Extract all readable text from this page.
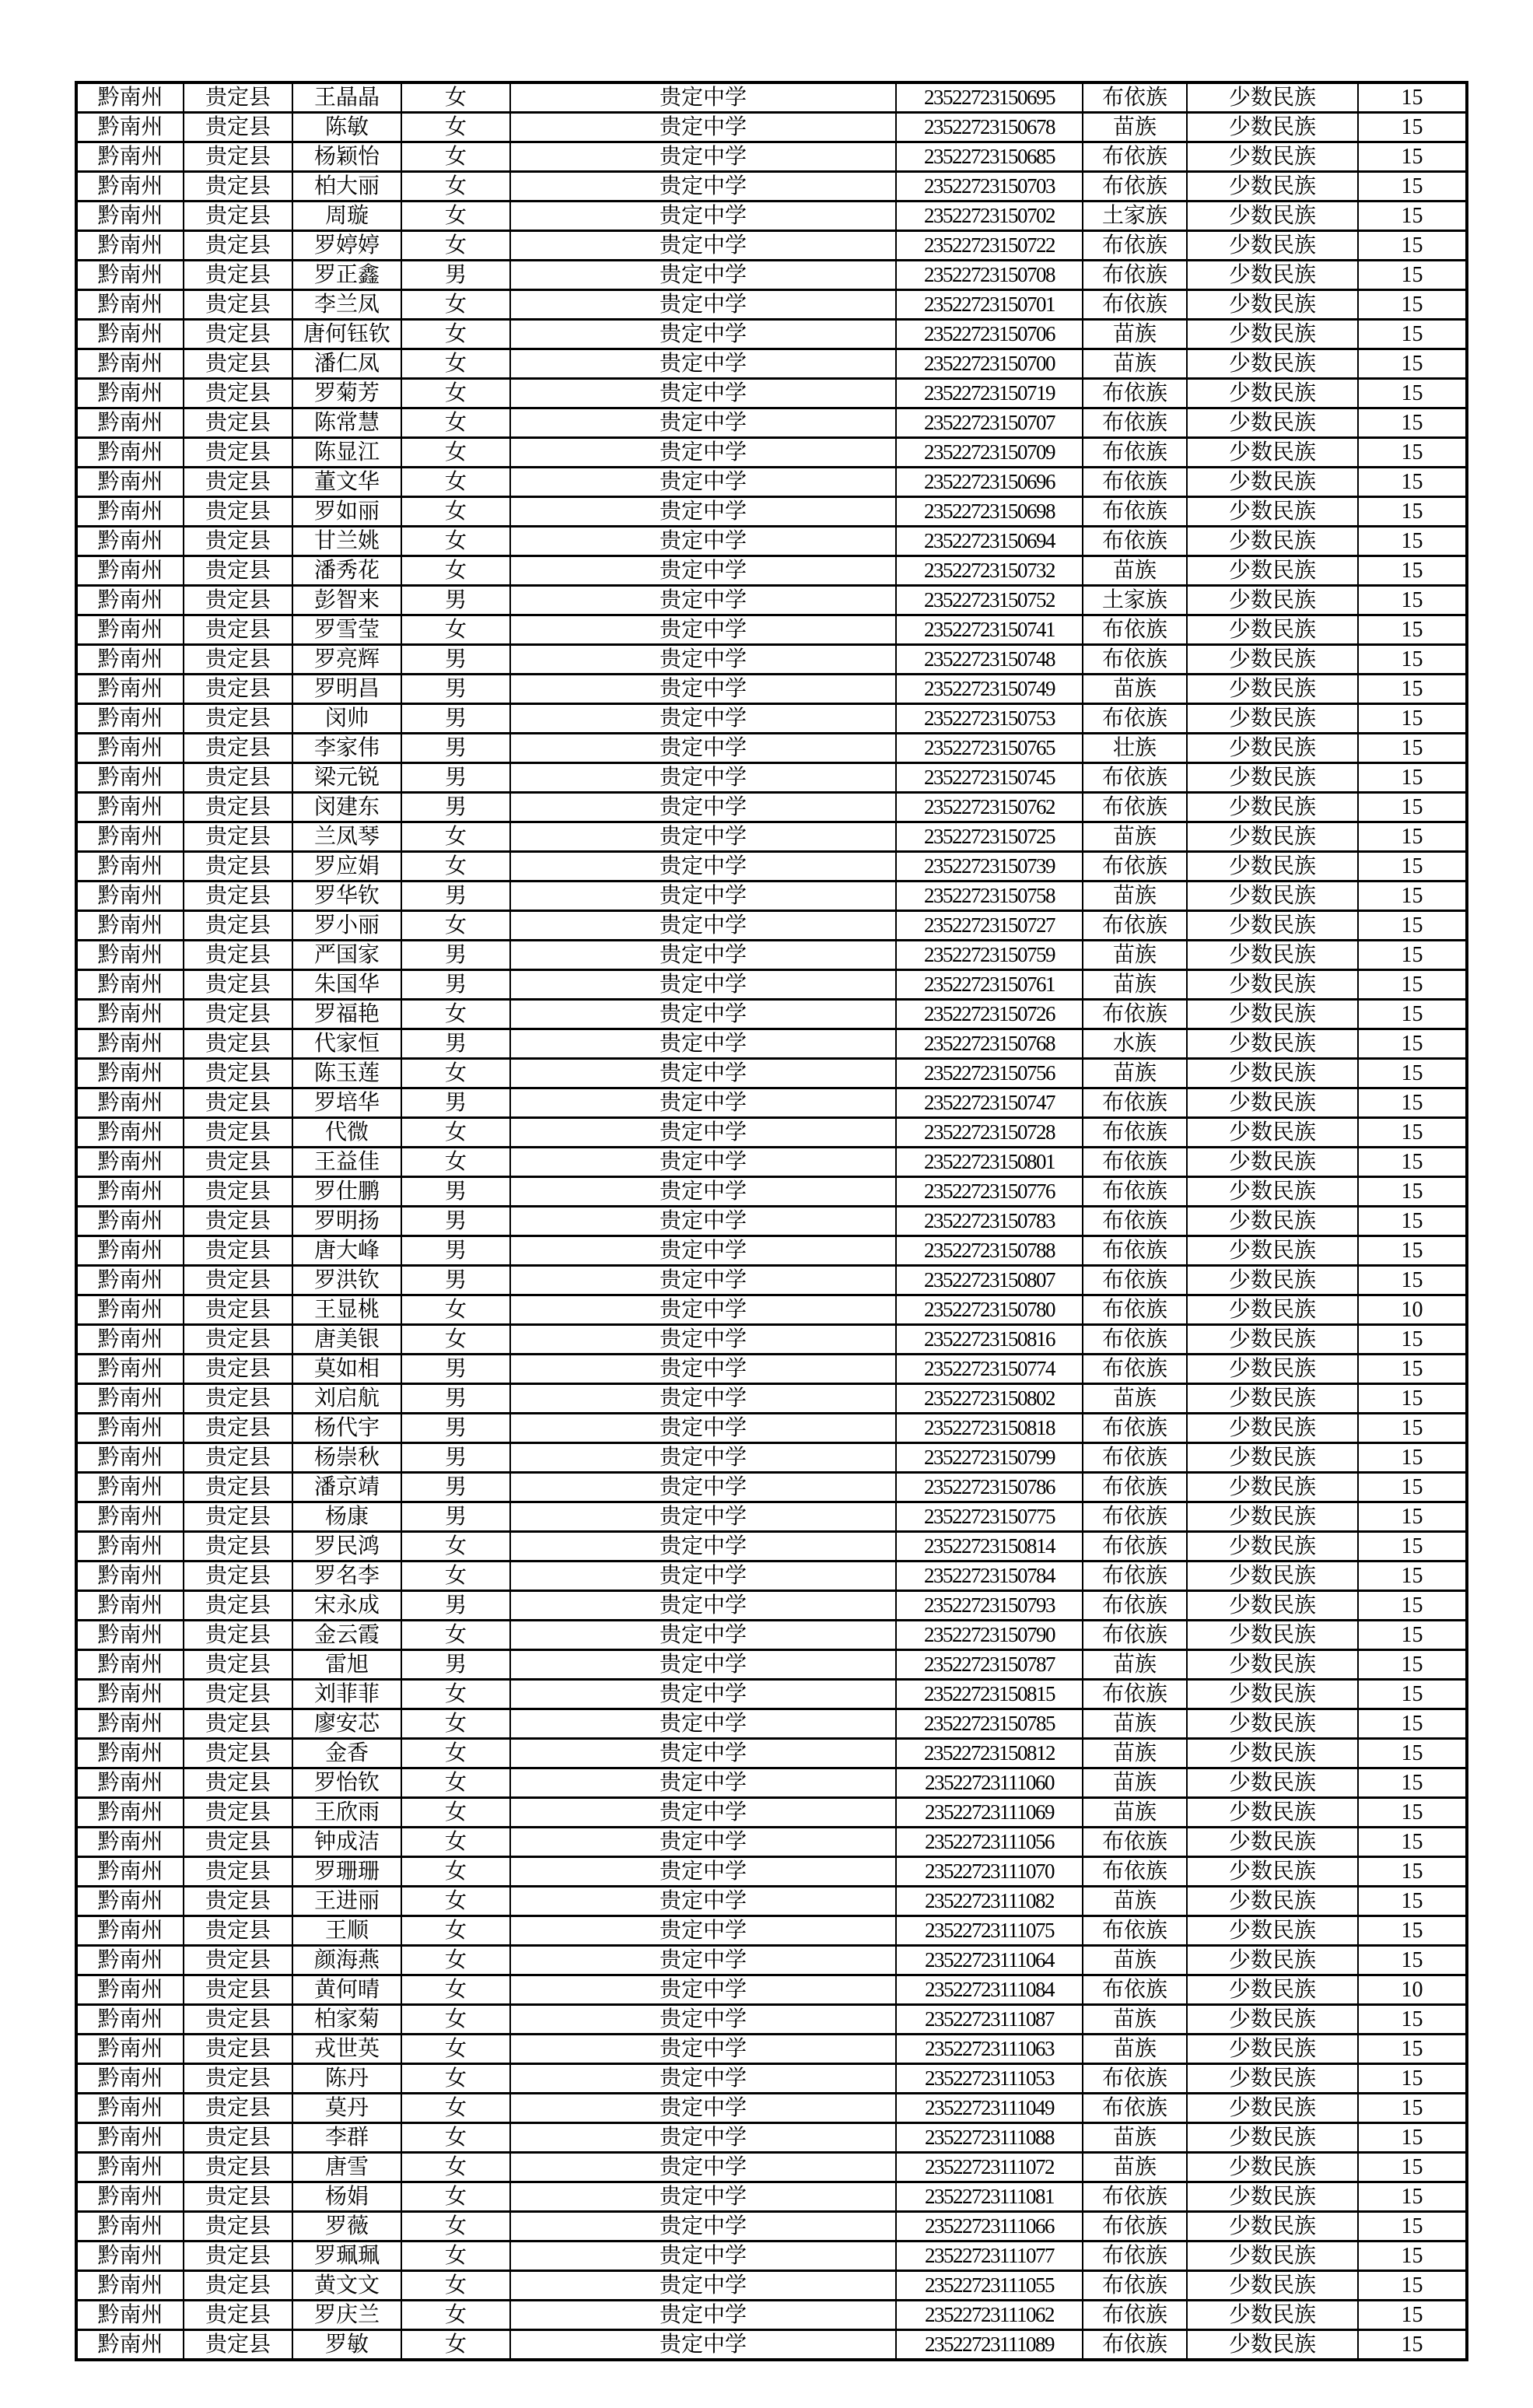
黔南州	贵定县	王晶晶	女	贵定中学	23522723150695	布依族	少数民族	15
黔南州	贵定县	陈敏	女	贵定中学	23522723150678	苗族	少数民族	15
黔南州	贵定县	杨颖怡	女	贵定中学	23522723150685	布依族	少数民族	15
黔南州	贵定县	柏大丽	女	贵定中学	23522723150703	布依族	少数民族	15
黔南州	贵定县	周璇	女	贵定中学	23522723150702	土家族	少数民族	15
黔南州	贵定县	罗婷婷	女	贵定中学	23522723150722	布依族	少数民族	15
黔南州	贵定县	罗正鑫	男	贵定中学	23522723150708	布依族	少数民族	15
黔南州	贵定县	李兰凤	女	贵定中学	23522723150701	布依族	少数民族	15
黔南州	贵定县	唐何钰钦	女	贵定中学	23522723150706	苗族	少数民族	15
黔南州	贵定县	潘仁凤	女	贵定中学	23522723150700	苗族	少数民族	15
黔南州	贵定县	罗菊芳	女	贵定中学	23522723150719	布依族	少数民族	15
黔南州	贵定县	陈常慧	女	贵定中学	23522723150707	布依族	少数民族	15
黔南州	贵定县	陈显江	女	贵定中学	23522723150709	布依族	少数民族	15
黔南州	贵定县	董文华	女	贵定中学	23522723150696	布依族	少数民族	15
黔南州	贵定县	罗如丽	女	贵定中学	23522723150698	布依族	少数民族	15
黔南州	贵定县	甘兰姚	女	贵定中学	23522723150694	布依族	少数民族	15
黔南州	贵定县	潘秀花	女	贵定中学	23522723150732	苗族	少数民族	15
黔南州	贵定县	彭智来	男	贵定中学	23522723150752	土家族	少数民族	15
黔南州	贵定县	罗雪莹	女	贵定中学	23522723150741	布依族	少数民族	15
黔南州	贵定县	罗亮辉	男	贵定中学	23522723150748	布依族	少数民族	15
黔南州	贵定县	罗明昌	男	贵定中学	23522723150749	苗族	少数民族	15
黔南州	贵定县	闵帅	男	贵定中学	23522723150753	布依族	少数民族	15
黔南州	贵定县	李家伟	男	贵定中学	23522723150765	壮族	少数民族	15
黔南州	贵定县	梁元锐	男	贵定中学	23522723150745	布依族	少数民族	15
黔南州	贵定县	闵建东	男	贵定中学	23522723150762	布依族	少数民族	15
黔南州	贵定县	兰凤琴	女	贵定中学	23522723150725	苗族	少数民族	15
黔南州	贵定县	罗应娟	女	贵定中学	23522723150739	布依族	少数民族	15
黔南州	贵定县	罗华钦	男	贵定中学	23522723150758	苗族	少数民族	15
黔南州	贵定县	罗小丽	女	贵定中学	23522723150727	布依族	少数民族	15
黔南州	贵定县	严国家	男	贵定中学	23522723150759	苗族	少数民族	15
黔南州	贵定县	朱国华	男	贵定中学	23522723150761	苗族	少数民族	15
黔南州	贵定县	罗福艳	女	贵定中学	23522723150726	布依族	少数民族	15
黔南州	贵定县	代家恒	男	贵定中学	23522723150768	水族	少数民族	15
黔南州	贵定县	陈玉莲	女	贵定中学	23522723150756	苗族	少数民族	15
黔南州	贵定县	罗培华	男	贵定中学	23522723150747	布依族	少数民族	15
黔南州	贵定县	代微	女	贵定中学	23522723150728	布依族	少数民族	15
黔南州	贵定县	王益佳	女	贵定中学	23522723150801	布依族	少数民族	15
黔南州	贵定县	罗仕鹏	男	贵定中学	23522723150776	布依族	少数民族	15
黔南州	贵定县	罗明扬	男	贵定中学	23522723150783	布依族	少数民族	15
黔南州	贵定县	唐大峰	男	贵定中学	23522723150788	布依族	少数民族	15
黔南州	贵定县	罗洪钦	男	贵定中学	23522723150807	布依族	少数民族	15
黔南州	贵定县	王显桃	女	贵定中学	23522723150780	布依族	少数民族	10
黔南州	贵定县	唐美银	女	贵定中学	23522723150816	布依族	少数民族	15
黔南州	贵定县	莫如相	男	贵定中学	23522723150774	布依族	少数民族	15
黔南州	贵定县	刘启航	男	贵定中学	23522723150802	苗族	少数民族	15
黔南州	贵定县	杨代宇	男	贵定中学	23522723150818	布依族	少数民族	15
黔南州	贵定县	杨崇秋	男	贵定中学	23522723150799	布依族	少数民族	15
黔南州	贵定县	潘京靖	男	贵定中学	23522723150786	布依族	少数民族	15
黔南州	贵定县	杨康	男	贵定中学	23522723150775	布依族	少数民族	15
黔南州	贵定县	罗民鸿	女	贵定中学	23522723150814	布依族	少数民族	15
黔南州	贵定县	罗名李	女	贵定中学	23522723150784	布依族	少数民族	15
黔南州	贵定县	宋永成	男	贵定中学	23522723150793	布依族	少数民族	15
黔南州	贵定县	金云霞	女	贵定中学	23522723150790	布依族	少数民族	15
黔南州	贵定县	雷旭	男	贵定中学	23522723150787	苗族	少数民族	15
黔南州	贵定县	刘菲菲	女	贵定中学	23522723150815	布依族	少数民族	15
黔南州	贵定县	廖安芯	女	贵定中学	23522723150785	苗族	少数民族	15
黔南州	贵定县	金香	女	贵定中学	23522723150812	苗族	少数民族	15
黔南州	贵定县	罗怡钦	女	贵定中学	23522723111060	苗族	少数民族	15
黔南州	贵定县	王欣雨	女	贵定中学	23522723111069	苗族	少数民族	15
黔南州	贵定县	钟成洁	女	贵定中学	23522723111056	布依族	少数民族	15
黔南州	贵定县	罗珊珊	女	贵定中学	23522723111070	布依族	少数民族	15
黔南州	贵定县	王进丽	女	贵定中学	23522723111082	苗族	少数民族	15
黔南州	贵定县	王顺	女	贵定中学	23522723111075	布依族	少数民族	15
黔南州	贵定县	颜海燕	女	贵定中学	23522723111064	苗族	少数民族	15
黔南州	贵定县	黄何晴	女	贵定中学	23522723111084	布依族	少数民族	10
黔南州	贵定县	柏家菊	女	贵定中学	23522723111087	苗族	少数民族	15
黔南州	贵定县	戎世英	女	贵定中学	23522723111063	苗族	少数民族	15
黔南州	贵定县	陈丹	女	贵定中学	23522723111053	布依族	少数民族	15
黔南州	贵定县	莫丹	女	贵定中学	23522723111049	布依族	少数民族	15
黔南州	贵定县	李群	女	贵定中学	23522723111088	苗族	少数民族	15
黔南州	贵定县	唐雪	女	贵定中学	23522723111072	苗族	少数民族	15
黔南州	贵定县	杨娟	女	贵定中学	23522723111081	布依族	少数民族	15
黔南州	贵定县	罗薇	女	贵定中学	23522723111066	布依族	少数民族	15
黔南州	贵定县	罗珮珮	女	贵定中学	23522723111077	布依族	少数民族	15
黔南州	贵定县	黄文文	女	贵定中学	23522723111055	布依族	少数民族	15
黔南州	贵定县	罗庆兰	女	贵定中学	23522723111062	布依族	少数民族	15
黔南州	贵定县	罗敏	女	贵定中学	23522723111089	布依族	少数民族	15
